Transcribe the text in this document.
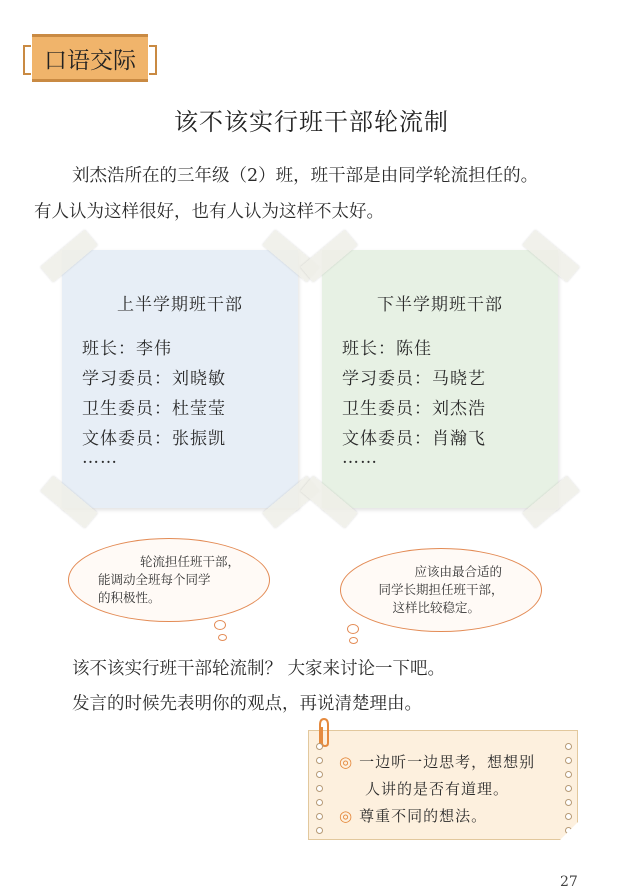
口语交际
该不该实行班干部轮流制
刘杰浩所在的三年级（2）班，班干部是由同学轮流担任的。
有人认为这样很好，也有人认为这样不太好。
上半学期班干部
班长：李伟
学习委员：刘晓敏
卫生委员：杜莹莹
文体委员：张振凯
……
下半学期班干部
班长：陈佳
学习委员：马晓艺
卫生委员：刘杰浩
文体委员：肖瀚飞
……
轮流担任班干部，
能调动全班每个同学
的积极性。
应该由最合适的
同学长期担任班干部，
这样比较稳定。
该不该实行班干部轮流制？ 大家来讨论一下吧。
发言的时候先表明你的观点，再说清楚理由。
◎ 一边听一边思考，想想别
人讲的是否有道理。
◎ 尊重不同的想法。
27
